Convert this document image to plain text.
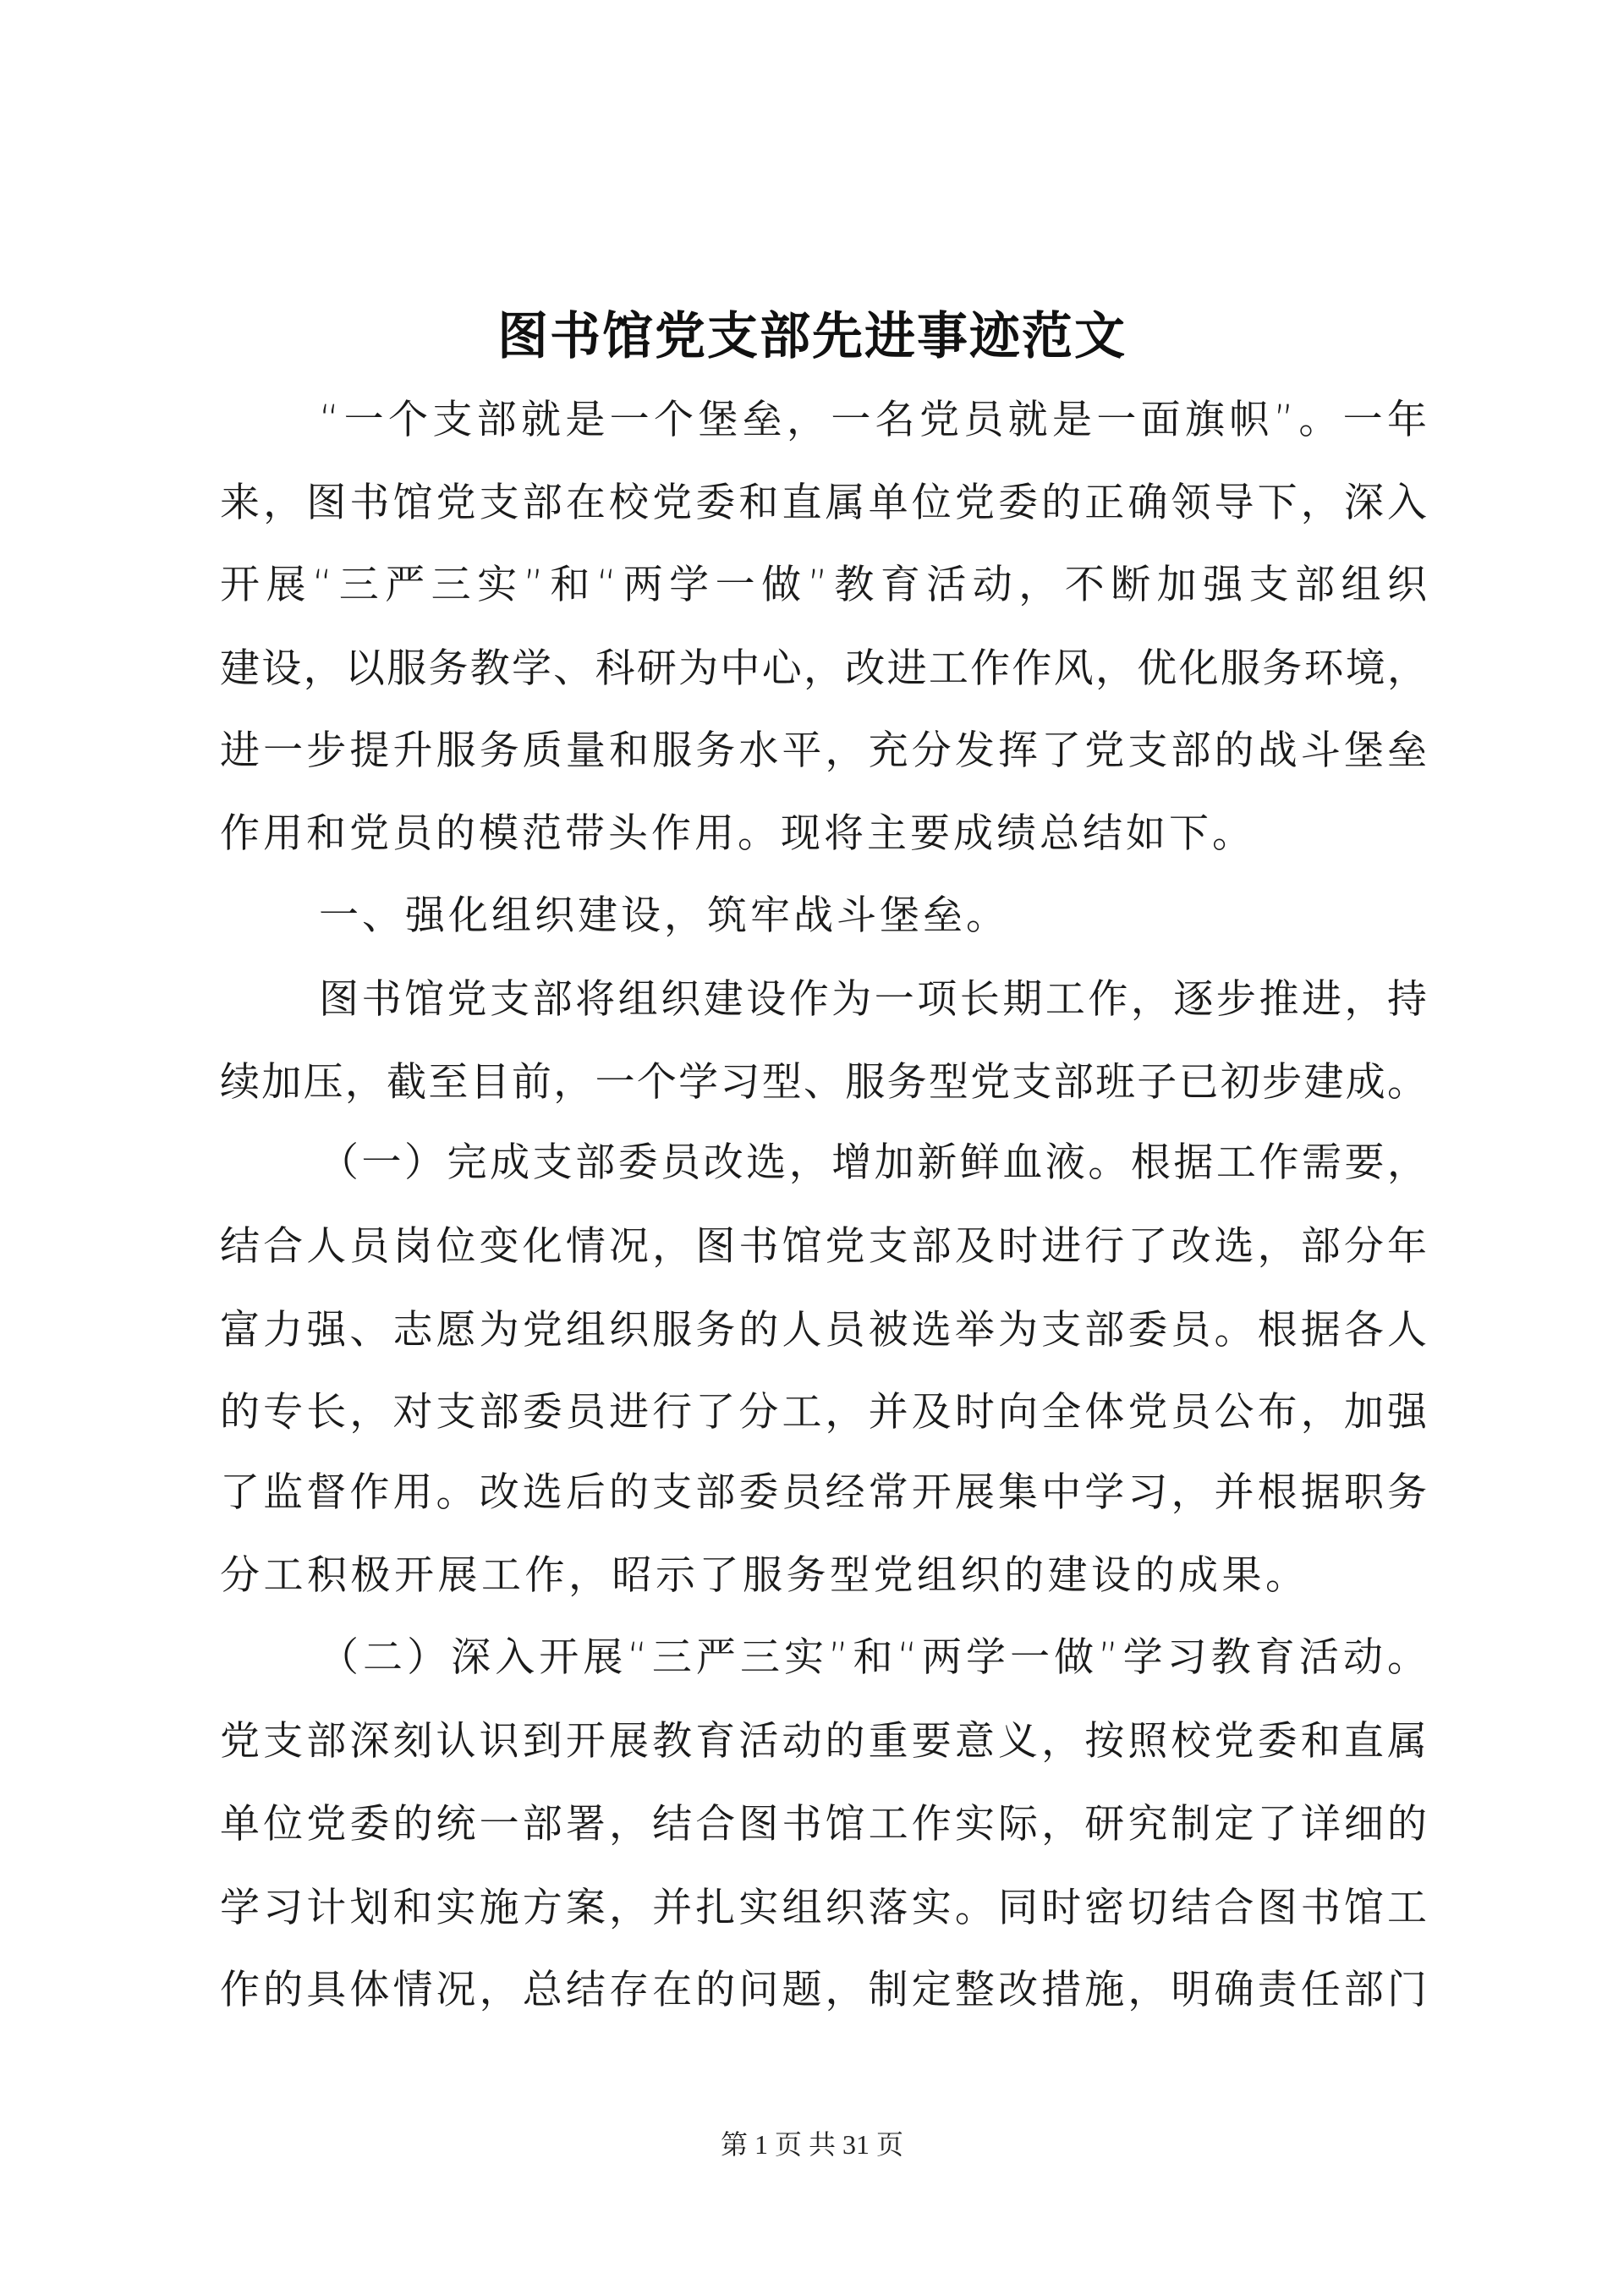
图书馆党支部先进事迹范文
“一个支部就是一个堡垒，一名党员就是一面旗帜”。一年
来，图书馆党支部在校党委和直属单位党委的正确领导下，深入
开展“三严三实”和“两学一做”教育活动，不断加强支部组织
建设，以服务教学、科研为中心，改进工作作风，优化服务环境，
进一步提升服务质量和服务水平，充分发挥了党支部的战斗堡垒
作用和党员的模范带头作用。现将主要成绩总结如下。
一、强化组织建设，筑牢战斗堡垒。
图书馆党支部将组织建设作为一项长期工作，逐步推进，持
续加压，截至目前，一个学习型、服务型党支部班子已初步建成。
（一）完成支部委员改选，增加新鲜血液。根据工作需要，
结合人员岗位变化情况，图书馆党支部及时进行了改选，部分年
富力强、志愿为党组织服务的人员被选举为支部委员。根据各人
的专长，对支部委员进行了分工，并及时向全体党员公布，加强
了监督作用。改选后的支部委员经常开展集中学习，并根据职务
分工积极开展工作，昭示了服务型党组织的建设的成果。
（二）深入开展“三严三实”和“两学一做”学习教育活动。
党支部深刻认识到开展教育活动的重要意义，按照校党委和直属
单位党委的统一部署，结合图书馆工作实际，研究制定了详细的
学习计划和实施方案，并扎实组织落实。同时密切结合图书馆工
作的具体情况，总结存在的问题，制定整改措施，明确责任部门
第 1 页 共 31 页
